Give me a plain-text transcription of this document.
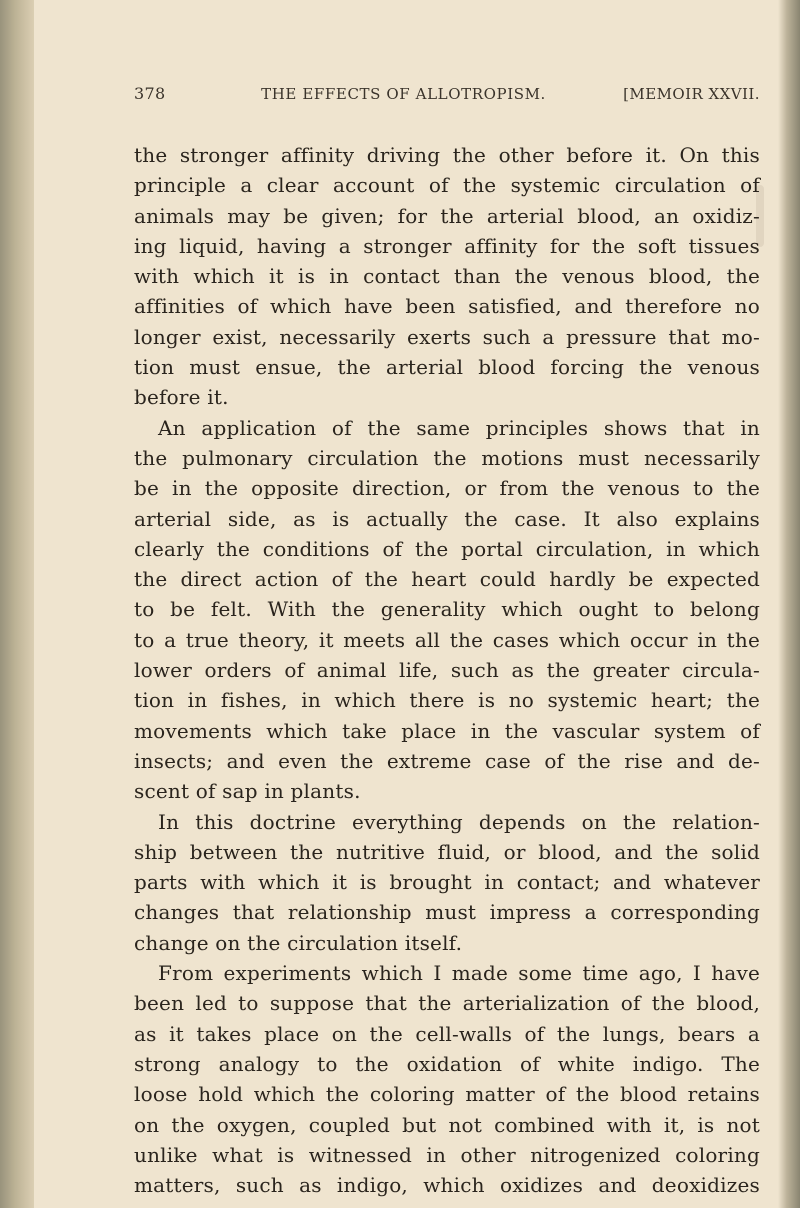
378	THE EFFECTS OF ALLOTROPISM.	[MEMOIR XXVII.
the stronger affinity driving the other before it. On this
principle a clear account of the systemic circulation of
animals may be given; for the arterial blood, an oxidiz-
ing liquid, having a stronger affinity for the soft tissues
with which it is in contact than the venous blood, the
affinities of which have been satisfied, and therefore no
longer exist, necessarily exerts such a pressure that mo-
tion must ensue, the arterial blood forcing the venous
before it.
An application of the same principles shows that in
the pulmonary circulation the motions must necessarily
be in the opposite direction, or from the venous to the
arterial side, as is actually the case. It also explains
clearly the conditions of the portal circulation, in which
the direct action of the heart could hardly be expected
to be felt. With the generality which ought to belong
to a true theory, it meets all the cases which occur in the
lower orders of animal life, such as the greater circula-
tion in fishes, in which there is no systemic heart; the
movements which take place in the vascular system of
insects; and even the extreme case of the rise and de-
scent of sap in plants.
In this doctrine everything depends on the relation-
ship between the nutritive fluid, or blood, and the solid
parts with which it is brought in contact; and whatever
changes that relationship must impress a corresponding
change on the circulation itself.
From experiments which I made some time ago, I have
been led to suppose that the arterialization of the blood,
as it takes place on the cell-walls of the lungs, bears a
strong analogy to the oxidation of white indigo. The
loose hold which the coloring matter of the blood retains
on the oxygen, coupled but not combined with it, is not
unlike what is witnessed in other nitrogenized coloring
matters, such as indigo, which oxidizes and deoxidizes
